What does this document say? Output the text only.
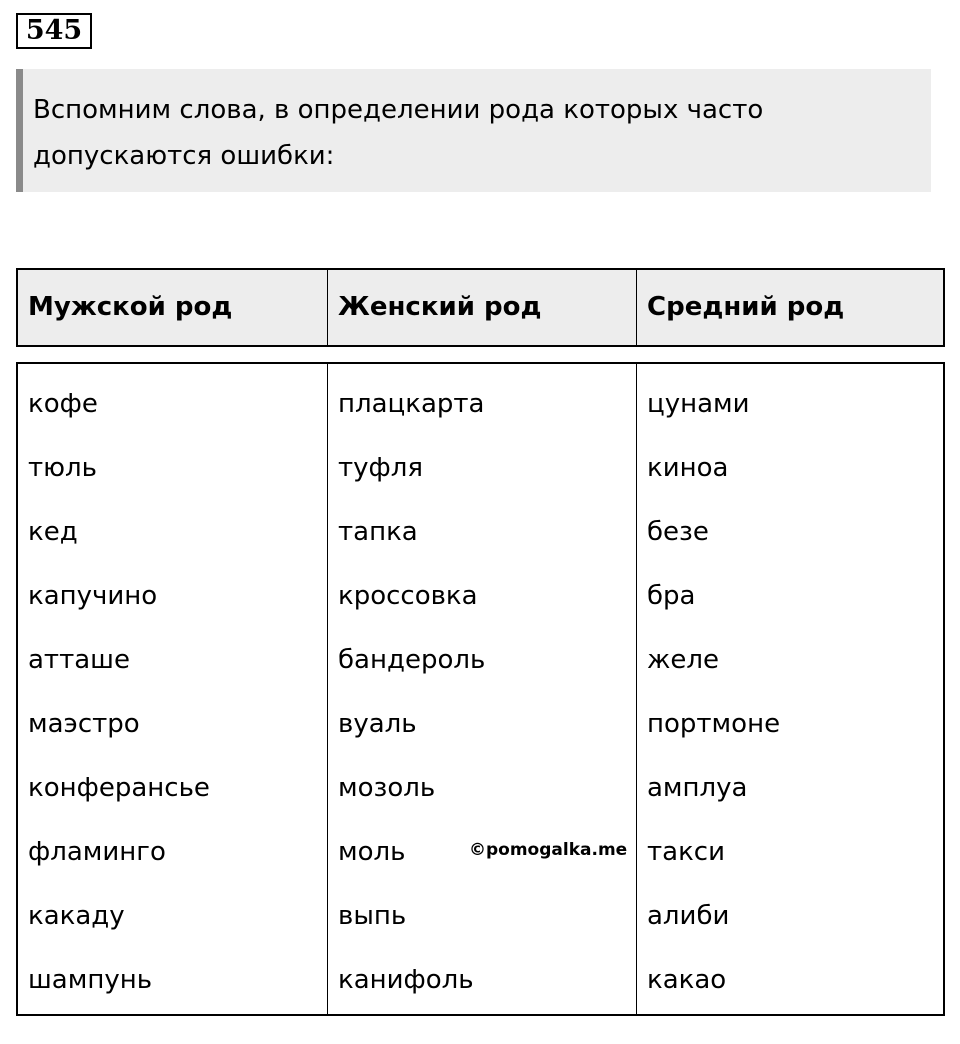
545
Вспомним слова, в определении рода которых часто
допускаются ошибки:
Мужской род	Женский род	Средний род
кофе
тюль
кед
капучино
атташе
маэстро
конферансье
фламинго
какаду
шампунь
плацкарта
туфля
тапка
кроссовка
бандероль
вуаль
мозоль
моль
выпь
канифоль
цунами
киноа
безе
бра
желе
портмоне
амплуа
такси
алиби
какао
©pomogalka.me
